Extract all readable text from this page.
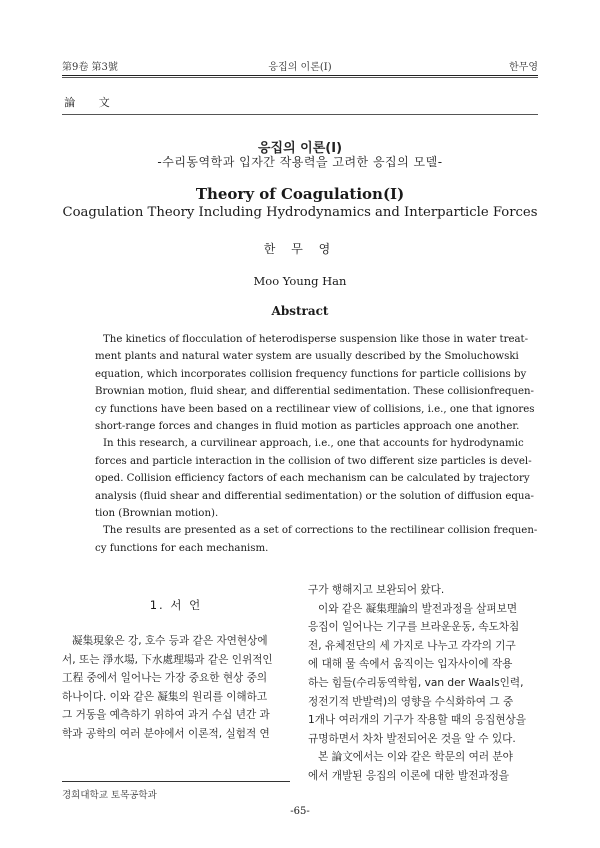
第9卷 第3號	응집의 이론(Ⅰ)	한무영
論 文
응집의 이론(Ⅰ)
-수리동역학과 입자간 작용력을 고려한 응집의 모델-
Theory of Coagulation(I)
Coagulation Theory Including Hydrodynamics and Interparticle Forces
한 무 영
Moo Young Han
Abstract
The kinetics of flocculation of heterodisperse suspension like those in water treat-
ment plants and natural water system are usually described by the Smoluchowski
equation, which incorporates collision frequency functions for particle collisions by
Brownian motion, fluid shear, and differential sedimentation. These collisionfrequen-
cy functions have been based on a rectilinear view of collisions, i.e., one that ignores
short-range forces and changes in fluid motion as particles approach one another.
In this research, a curvilinear approach, i.e., one that accounts for hydrodynamic
forces and particle interaction in the collision of two different size particles is devel-
oped. Collision efficiency factors of each mechanism can be calculated by trajectory
analysis (fluid shear and differential sedimentation) or the solution of diffusion equa-
tion (Brownian motion).
The results are presented as a set of corrections to the rectilinear collision frequen-
cy functions for each mechanism.
1. 서 언
凝集現象은 강, 호수 등과 같은 자연현상에
서, 또는 淨水場, 下水處理場과 같은 인위적인
工程 중에서 일어나는 가장 중요한 현상 중의
하나이다. 이와 같은 凝集의 원리를 이해하고
그 거동을 예측하기 위하여 과거 수십 년간 과
학과 공학의 여러 분야에서 이론적, 실험적 연
구가 행해지고 보완되어 왔다.
이와 같은 凝集理論의 발전과정을 살펴보면
응집이 일어나는 기구를 브라운운동, 속도차침
전, 유체전단의 세 가지로 나누고 각각의 기구
에 대해 물 속에서 움직이는 입자사이에 작용
하는 힘들(수리동역학힘, van der Waals인력,
정전기적 반발력)의 영향을 수식화하여 그 중
1개나 여러개의 기구가 작용할 때의 응집현상을
규명하면서 차차 발전되어온 것을 알 수 있다.
본 論文에서는 이와 같은 학문의 여러 분야
에서 개발된 응집의 이론에 대한 발전과정을
경희대학교 토목공학과
-65-
